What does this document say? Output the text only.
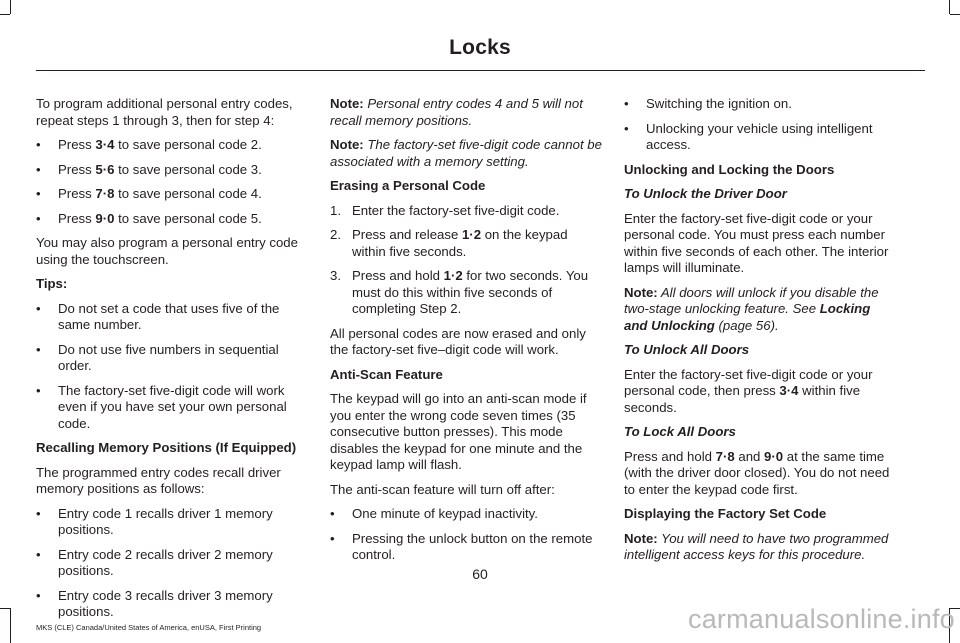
Locks

To program additional personal entry codes, repeat steps 1 through 3, then for step 4:

• Press 3·4 to save personal code 2.
• Press 5·6 to save personal code 3.
• Press 7·8 to save personal code 4.
• Press 9·0 to save personal code 5.

You may also program a personal entry code using the touchscreen.

Tips:
• Do not set a code that uses five of the same number.
• Do not use five numbers in sequential order.
• The factory-set five-digit code will work even if you have set your own personal code.
Recalling Memory Positions (If Equipped)

The programmed entry codes recall driver memory positions as follows:

• Entry code 1 recalls driver 1 memory positions.
• Entry code 2 recalls driver 2 memory positions.
• Entry code 3 recalls driver 3 memory positions.

Note: Personal entry codes 4 and 5 will not recall memory positions.

Note: The factory-set five-digit code cannot be associated with a memory setting.

Erasing a Personal Code
1. Enter the factory-set five-digit code.
2. Press and release 1·2 on the keypad within five seconds.
3. Press and hold 1·2 for two seconds. You must do this within five seconds of completing Step 2.

All personal codes are now erased and only the factory-set five–digit code will work.

Anti-Scan Feature

The keypad will go into an anti-scan mode if you enter the wrong code seven times (35 consecutive button presses). This mode disables the keypad for one minute and the keypad lamp will flash.

The anti-scan feature will turn off after:

• One minute of keypad inactivity.
• Pressing the unlock button on the remote control.
• Switching the ignition on.
• Unlocking your vehicle using intelligent access.
Unlocking and Locking the Doors
To Unlock the Driver Door

Enter the factory-set five-digit code or your personal code. You must press each number within five seconds of each other. The interior lamps will illuminate.

Note: All doors will unlock if you disable the two-stage unlocking feature. See Locking and Unlocking (page 56).

To Unlock All Doors

Enter the factory-set five-digit code or your personal code, then press 3·4 within five seconds.

To Lock All Doors

Press and hold 7·8 and 9·0 at the same time (with the driver door closed). You do not need to enter the keypad code first.

Displaying the Factory Set Code

Note: You will need to have two programmed intelligent access keys for this procedure.

60
MKS (CLE) Canada/United States of America, enUSA, First Printing	carmanualsonline.info
